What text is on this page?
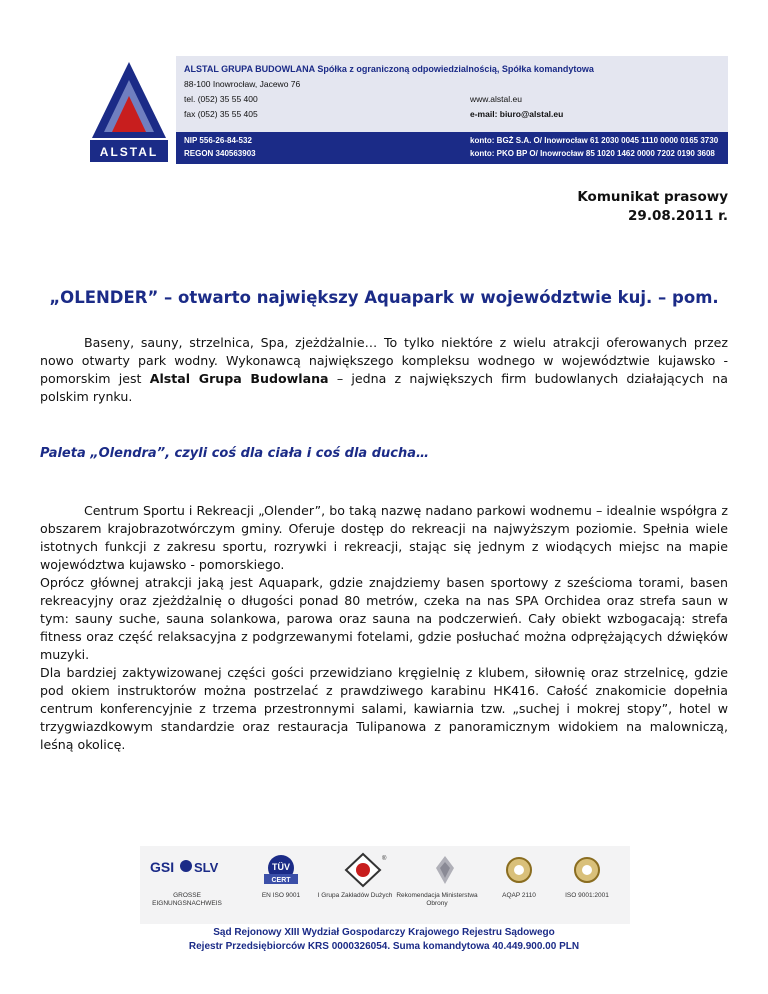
ALSTAL
ALSTAL GRUPA BUDOWLANA Spółka z ograniczoną odpowiedzialnością, Spółka komandytowa
88-100 Inowrocław, Jacewo 76
tel. (052) 35 55 400
fax (052) 35 55 405
www.alstal.eu
e-mail: biuro@alstal.eu
NIP 556-26-84-532
REGON 340563903
konto: BGŻ S.A. O/ Inowrocław 61 2030 0045 1110 0000 0165 3730
konto: PKO BP O/ Inowrocław 85 1020 1462 0000 7202 0190 3608
Komunikat prasowy
29.08.2011 r.
„OLENDER” – otwarto największy Aquapark w województwie kuj. – pom.
Baseny, sauny, strzelnica, Spa, zjeżdżalnie… To tylko niektóre z wielu atrakcji oferowanych przez nowo otwarty park wodny. Wykonawcą największego kompleksu wodnego w województwie kujawsko - pomorskim jest Alstal Grupa Budowlana – jedna z największych firm budowlanych działających na polskim rynku.
Paleta „Olendra”, czyli coś dla ciała i coś dla ducha…
Centrum Sportu i Rekreacji „Olender”, bo taką nazwę nadano parkowi wodnemu – idealnie współgra z obszarem krajobrazotwórczym gminy. Oferuje dostęp do rekreacji na najwyższym poziomie. Spełnia wiele istotnych funkcji z zakresu sportu, rozrywki i rekreacji, stając się jednym z wiodących miejsc na mapie województwa kujawsko - pomorskiego.
Oprócz głównej atrakcji jaką jest Aquapark, gdzie znajdziemy basen sportowy z sześcioma torami, basen rekreacyjny oraz zjeżdżalnię o długości ponad 80 metrów, czeka na nas SPA Orchidea oraz strefa saun w tym: sauny suche, sauna solankowa, parowa oraz sauna na podczerwień. Cały obiekt wzbogacają: strefa fitness oraz część relaksacyjna z podgrzewanymi fotelami, gdzie posłuchać można odprężających dźwięków muzyki.
Dla bardziej zaktywizowanej części gości przewidziano kręgielnię z klubem, siłownię oraz strzelnicę, gdzie pod okiem instruktorów można postrzelać z prawdziwego karabinu HK416. Całość znakomicie dopełnia centrum konferencyjnie z trzema przestronnymi salami, kawiarnia tzw. „suchej i mokrej stopy”, hotel w trzygwiazdkowym standardzie oraz restauracja Tulipanowa z panoramicznym widokiem na malowniczą, leśną okolicę.
GSI SLV
GROSSE EIGNUNGSNACHWEIS
TÜV
CERT
EN ISO 9001
®
I Grupa Zakładów Dużych Rekomendacja Ministerstwa Obrony
AQAP 2110	ISO 9001:2001
Sąd Rejonowy XIII Wydział Gospodarczy Krajowego Rejestru Sądowego
Rejestr Przedsiębiorców KRS 0000326054. Suma komandytowa 40.449.900.00 PLN
